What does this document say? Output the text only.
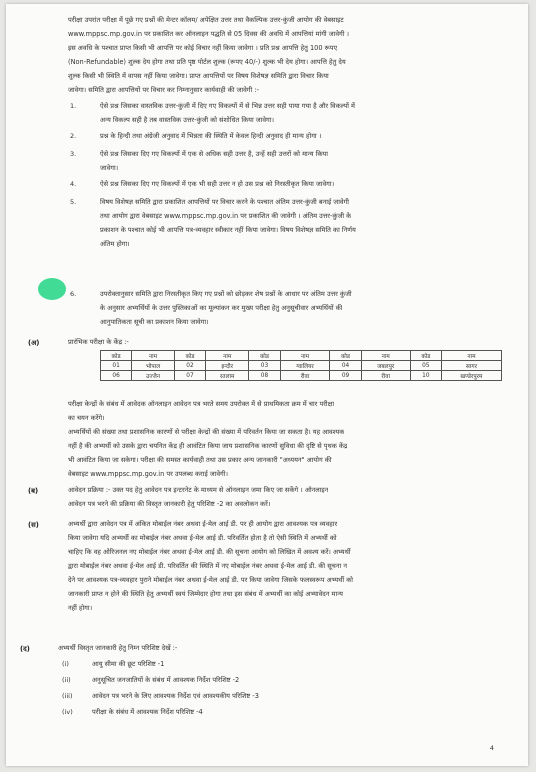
परीक्षा उपरांत परीक्षा में पूछे गए प्रश्नों की मेन्टर कॉलम/ अपेक्षित उत्तर तथा वैकल्पिक उत्तर-कुंजी आयोग की वेबसाइट
www.mppsc.mp.gov.in पर प्रकाशित कर ऑनलाइन पद्धति से 05 दिवस की अवधि में आपत्तियां मांगी जावेगी ।
इस अवधि के पश्चात प्राप्त किसी भी आपत्ति पर कोई विचार नहीं किया जावेगा । प्रति प्रश्न आपत्ति हेतु 100 रूपए
(Non-Refundable) शुल्क देय होगा तथा प्रति पृष्ठ पोर्टल शुल्क (रूपए 40/-) शुल्क भी देय होगा। आपत्ति हेतु देय
शुल्क किसी भी स्थिति में वापस नहीं किया जावेगा। प्राप्त आपत्तियों पर विषय विशेषज्ञ समिति द्वारा विचार किया
जावेगा। समिति द्वारा आपत्तियों पर विचार कर निम्नानुसार कार्यवाही की जावेगी :-
1.	ऐसे प्रश्न जिसका वास्तविक उत्तर-कुंजी में दिए गए विकल्पों में से भिन्न उत्तर सही पाया गया है और विकल्पों में
अन्य विकल्प सही है तब वास्तविक उत्तर-कुंजी को संशोधित किया जावेगा।
2.	प्रश्न के हिन्दी तथा अंग्रेजी अनुवाद में भिन्नता की स्थिति में केवल हिन्दी अनुवाद ही मान्य होगा ।
3.	ऐसे प्रश्न जिसका दिए गए विकल्पों में एक से अधिक सही उत्तर है, उन्हें सही उत्तरों को मान्य किया
जावेगा।
4.	ऐसे प्रश्न जिसका दिए गए विकल्पों में एक भी सही उत्तर न हो उस प्रश्न को निरस्तीकृत किया जावेगा।
5.	विषय विशेषज्ञ समिति द्वारा प्रकाशित आपत्तियों पर विचार करने के पश्चात अंतिम उत्तर-कुंजी बनाई जावेगी
तथा आयोग द्वारा वेबसाइट www.mppsc.mp.gov.in पर प्रकाशित की जावेगी । अंतिम उत्तर-कुंजी के
प्रकाशन के पश्चात कोई भी आपत्ति पत्र-व्यवहार स्वीकार नहीं किया जावेगा। विषय विशेषज्ञ समिति का निर्णय
अंतिम होगा।
6.	उपरोक्तानुसार समिति द्वारा निरस्तीकृत किए गए प्रश्नों को छोड़कर शेष प्रश्नों के आधार पर अंतिम उत्तर कुंजी
के अनुसार अभ्यर्थियों के उत्तर पुस्तिकाओं का मूल्यांकन कर मुख्य परीक्षा हेतु अनुसूचीवार अभ्यर्थियों की
आनुपातिकता सूची का प्रकाशन किया जावेगा।
(अ)	प्रारंभिक परीक्षा के केंद्र :-
कोड	नाम	कोड	नाम	कोड	नाम	कोड	नाम	कोड	नाम
01	भोपाल	02	इन्दौर	03	ग्वालियर	04	जबलपुर	05	सागर
06	उज्जैन	07	रतलाम	08	रीवा	09	रीवा	10	खण्डेरपुरम
परीक्षा केन्द्रों के संबंध में आवेदक ऑनलाइन आवेदन पत्र भरते समय उपरोक्त में से प्राथमिकता क्रम में चार परीक्षा
का चयन करेंगे।
अभ्यर्थियों की संख्या तथा प्रशासनिक कारणों से परीक्षा केन्द्रों की संख्या में परिवर्तन किया जा सकता है। यह आवश्यक
नहीं है की अभ्यर्थी को उसके द्वारा चयनित केंद्र ही आवंटित किया जाय प्रशासनिक कारणों सुविधा की दृष्टि से पृथक केंद्र
भी आवंटित किया जा सकेगा। परीक्षा की समस्त कार्यवाही तथा उस प्रकार अन्य जानकारी "अध्ययन" आयोग की
वेबसाइट www.mppsc.mp.gov.in पर उपलब्ध कराई जावेगी।
(ब)	आवेदन प्रक्रिया :- उक्त पद हेतु आवेदन पत्र इन्टरनेट के माध्यम से ऑनलाइन जमा किए जा सकेंगे । ऑनलाइन
आवेदन पत्र भरने की प्रक्रिया की विस्तृत जानकारी हेतु परिशिष्ट -2 का अवलोकन करें।
(स)	अभ्यर्थी द्वारा आवेदन पत्र में अंकित मोबाईल नंबर अथवा ई-मेल आई डी. पर ही आयोग द्वारा आवश्यक पत्र व्यवहार
किया जावेगा यदि अभ्यर्थी का मोबाईल नंबर अथवा ई-मेल आई डी. परिवर्तित होता है तो ऐसी स्थिति में अभ्यर्थी को
चाहिए कि वह ओरिजनल नए मोबाईल नंबर अथवा ई-मेल आई डी. की सूचना आयोग को लिखित में अवश्य करें। अभ्यर्थी
द्वारा मोबाईल नंबर अथवा ई-मेल आई डी. परिवर्तित की स्थिति में नए मोबाईल नंबर अथवा ई-मेल आई डी. की सूचना न
देने पर आवश्यक पत्र-व्यवहार पुराने मोबाईल नंबर अथवा ई-मेल आई डी. पर किया जावेगा जिसके फलस्वरूप अभ्यर्थी को
जानकारी प्राप्त न होने की स्थिति हेतु अभ्यर्थी स्वयं जिम्मेदार होगा तथा इस संबंध में अभ्यर्थी का कोई अभ्यावेदन मान्य
नहीं होगा।
(द)	अभ्यर्थी विस्तृत जानकारी हेतु निम्न परिशिष्ट देखें :-
(i)	आयु सीमा की छूट परिशिष्ट -1
(ii)	अनुसूचित जनजातियों के संबंध में आवश्यक निर्देश परिशिष्ट -2
(iii)	आवेदन पत्र भरने के लिए आवश्यक निर्देश एवं आवश्यकीय परिशिष्ट -3
(iv)	परीक्षा के संबंध में आवश्यक निर्देश परिशिष्ट -4
4
